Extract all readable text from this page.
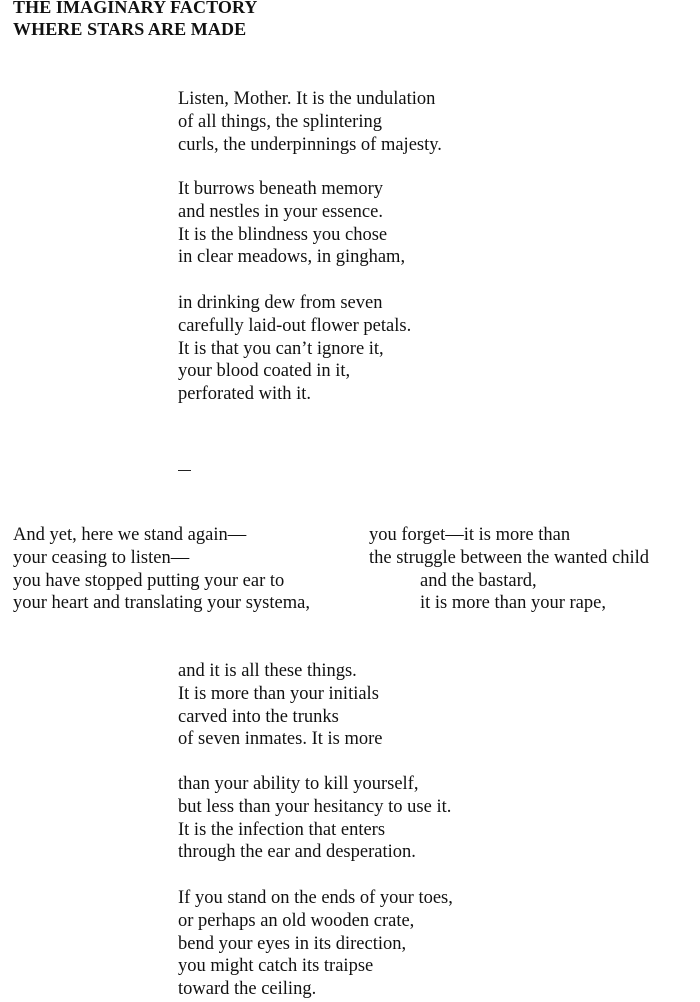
THE IMAGINARY FACTORY
WHERE STARS ARE MADE
Listen, Mother. It is the undulation
of all things, the splintering
curls, the underpinnings of majesty.
It burrows beneath memory
and nestles in your essence.
It is the blindness you chose
in clear meadows, in gingham,
in drinking dew from seven
carefully laid-out flower petals.
It is that you can’t ignore it,
your blood coated in it,
perforated with it.
And yet, here we stand again—
your ceasing to listen—
you have stopped putting your ear to
your heart and translating your systema,
you forget—it is more than
the struggle between the wanted child
and the bastard,
it is more than your rape,
and it is all these things.
It is more than your initials
carved into the trunks
of seven inmates. It is more
than your ability to kill yourself,
but less than your hesitancy to use it.
It is the infection that enters
through the ear and desperation.
If you stand on the ends of your toes,
or perhaps an old wooden crate,
bend your eyes in its direction,
you might catch its traipse
toward the ceiling.
